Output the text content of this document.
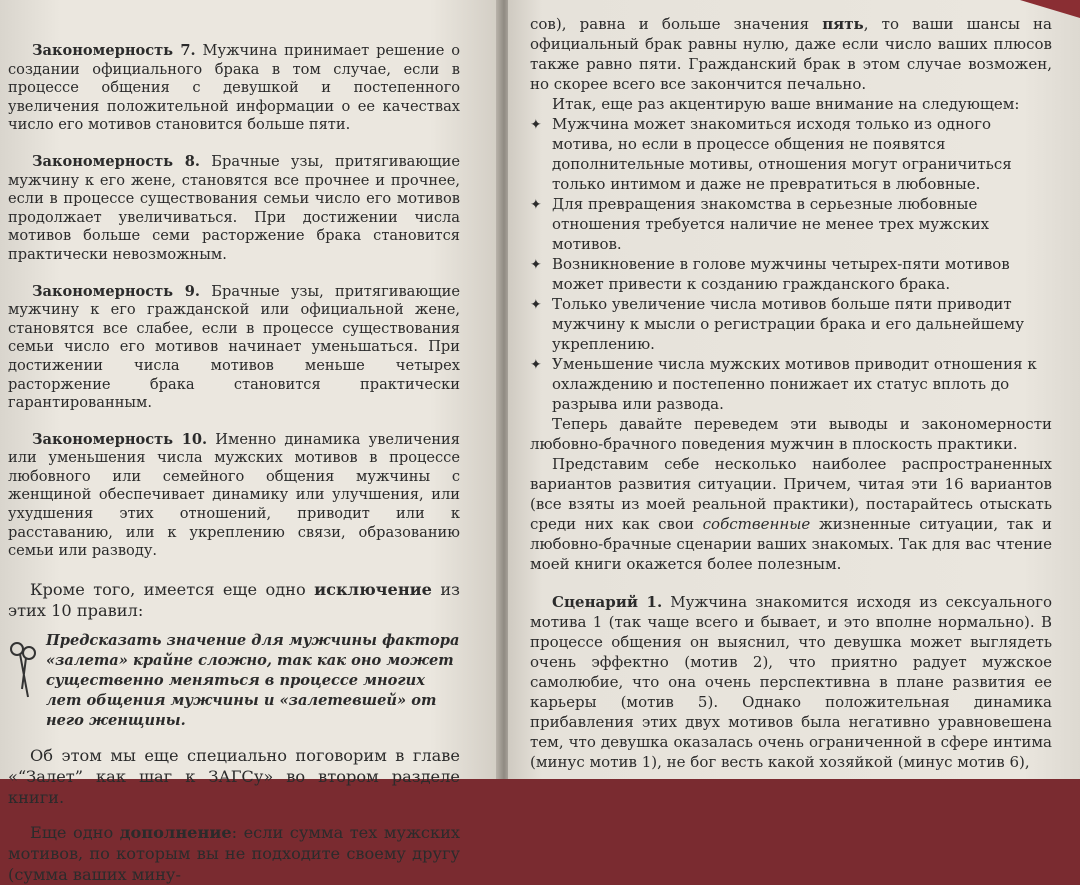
Закономерность 7. Мужчина принимает решение о создании официального брака в том случае, если в процессе общения с девушкой и постепенного увеличения положительной информации о ее качествах число его мотивов становится больше пяти.

Закономерность 8. Брачные узы, притягивающие мужчину к его жене, становятся все прочнее и прочнее, если в процессе существования семьи число его мотивов продолжает увеличиваться. При достижении числа мотивов больше семи расторжение брака становится практически невозможным.

Закономерность 9. Брачные узы, притягивающие мужчину к его гражданской или официальной жене, становятся все слабее, если в процессе существования семьи число его мотивов начинает уменьшаться. При достижении числа мотивов меньше четырех расторжение брака становится практически гарантированным.

Закономерность 10. Именно динамика увеличения или уменьшения числа мужских мотивов в процессе любовного или семейного общения мужчины с женщиной обеспечивает динамику или улучшения, или ухудшения этих отношений, приводит или к расставанию, или к укреплению связи, образованию семьи или разводу.

Кроме того, имеется еще одно исключение из этих 10 правил:

Предсказать значение для мужчины фактора «залета» крайне сложно, так как оно может существенно меняться в процессе многих лет общения мужчины и «залетевшей» от него женщины.

Об этом мы еще специально поговорим в главе «“Залет” как шаг к ЗАГСу» во втором разделе книги.

Еще одно дополнение: если сумма тех мужских мотивов, по которым вы не подходите своему другу (сумма ваших мину-

сов), равна и больше значения пять, то ваши шансы на официальный брак равны нулю, даже если число ваших плюсов также равно пяти. Гражданский брак в этом случае возможен, но скорее всего все закончится печально.

Итак, еще раз акцентирую ваше внимание на следующем:

✦ Мужчина может знакомиться исходя только из одного мотива, но если в процессе общения не появятся дополнительные мотивы, отношения могут ограничиться только интимом и даже не превратиться в любовные.
✦ Для превращения знакомства в серьезные любовные отношения требуется наличие не менее трех мужских мотивов.
✦ Возникновение в голове мужчины четырех-пяти мотивов может привести к созданию гражданского брака.
✦ Только увеличение числа мотивов больше пяти приводит мужчину к мысли о регистрации брака и его дальнейшему укреплению.
✦ Уменьшение числа мужских мотивов приводит отношения к охлаждению и постепенно понижает их статус вплоть до разрыва или развода.

Теперь давайте переведем эти выводы и закономерности любовно-брачного поведения мужчин в плоскость практики.

Представим себе несколько наиболее распространенных вариантов развития ситуации. Причем, читая эти 16 вариантов (все взяты из моей реальной практики), постарайтесь отыскать среди них как свои собственные жизненные ситуации, так и любовно-брачные сценарии ваших знакомых. Так для вас чтение моей книги окажется более полезным.

Сценарий 1. Мужчина знакомится исходя из сексуального мотива 1 (так чаще всего и бывает, и это вполне нормально). В процессе общения он выяснил, что девушка может выглядеть очень эффектно (мотив 2), что приятно радует мужское самолюбие, что она очень перспективна в плане развития ее карьеры (мотив 5). Однако положительная динамика прибавления этих двух мотивов была негативно уравновешена тем, что девушка оказалась очень ограниченной в сфере интима (минус мотив 1), не бог весть какой хозяйкой (минус мотив 6),
